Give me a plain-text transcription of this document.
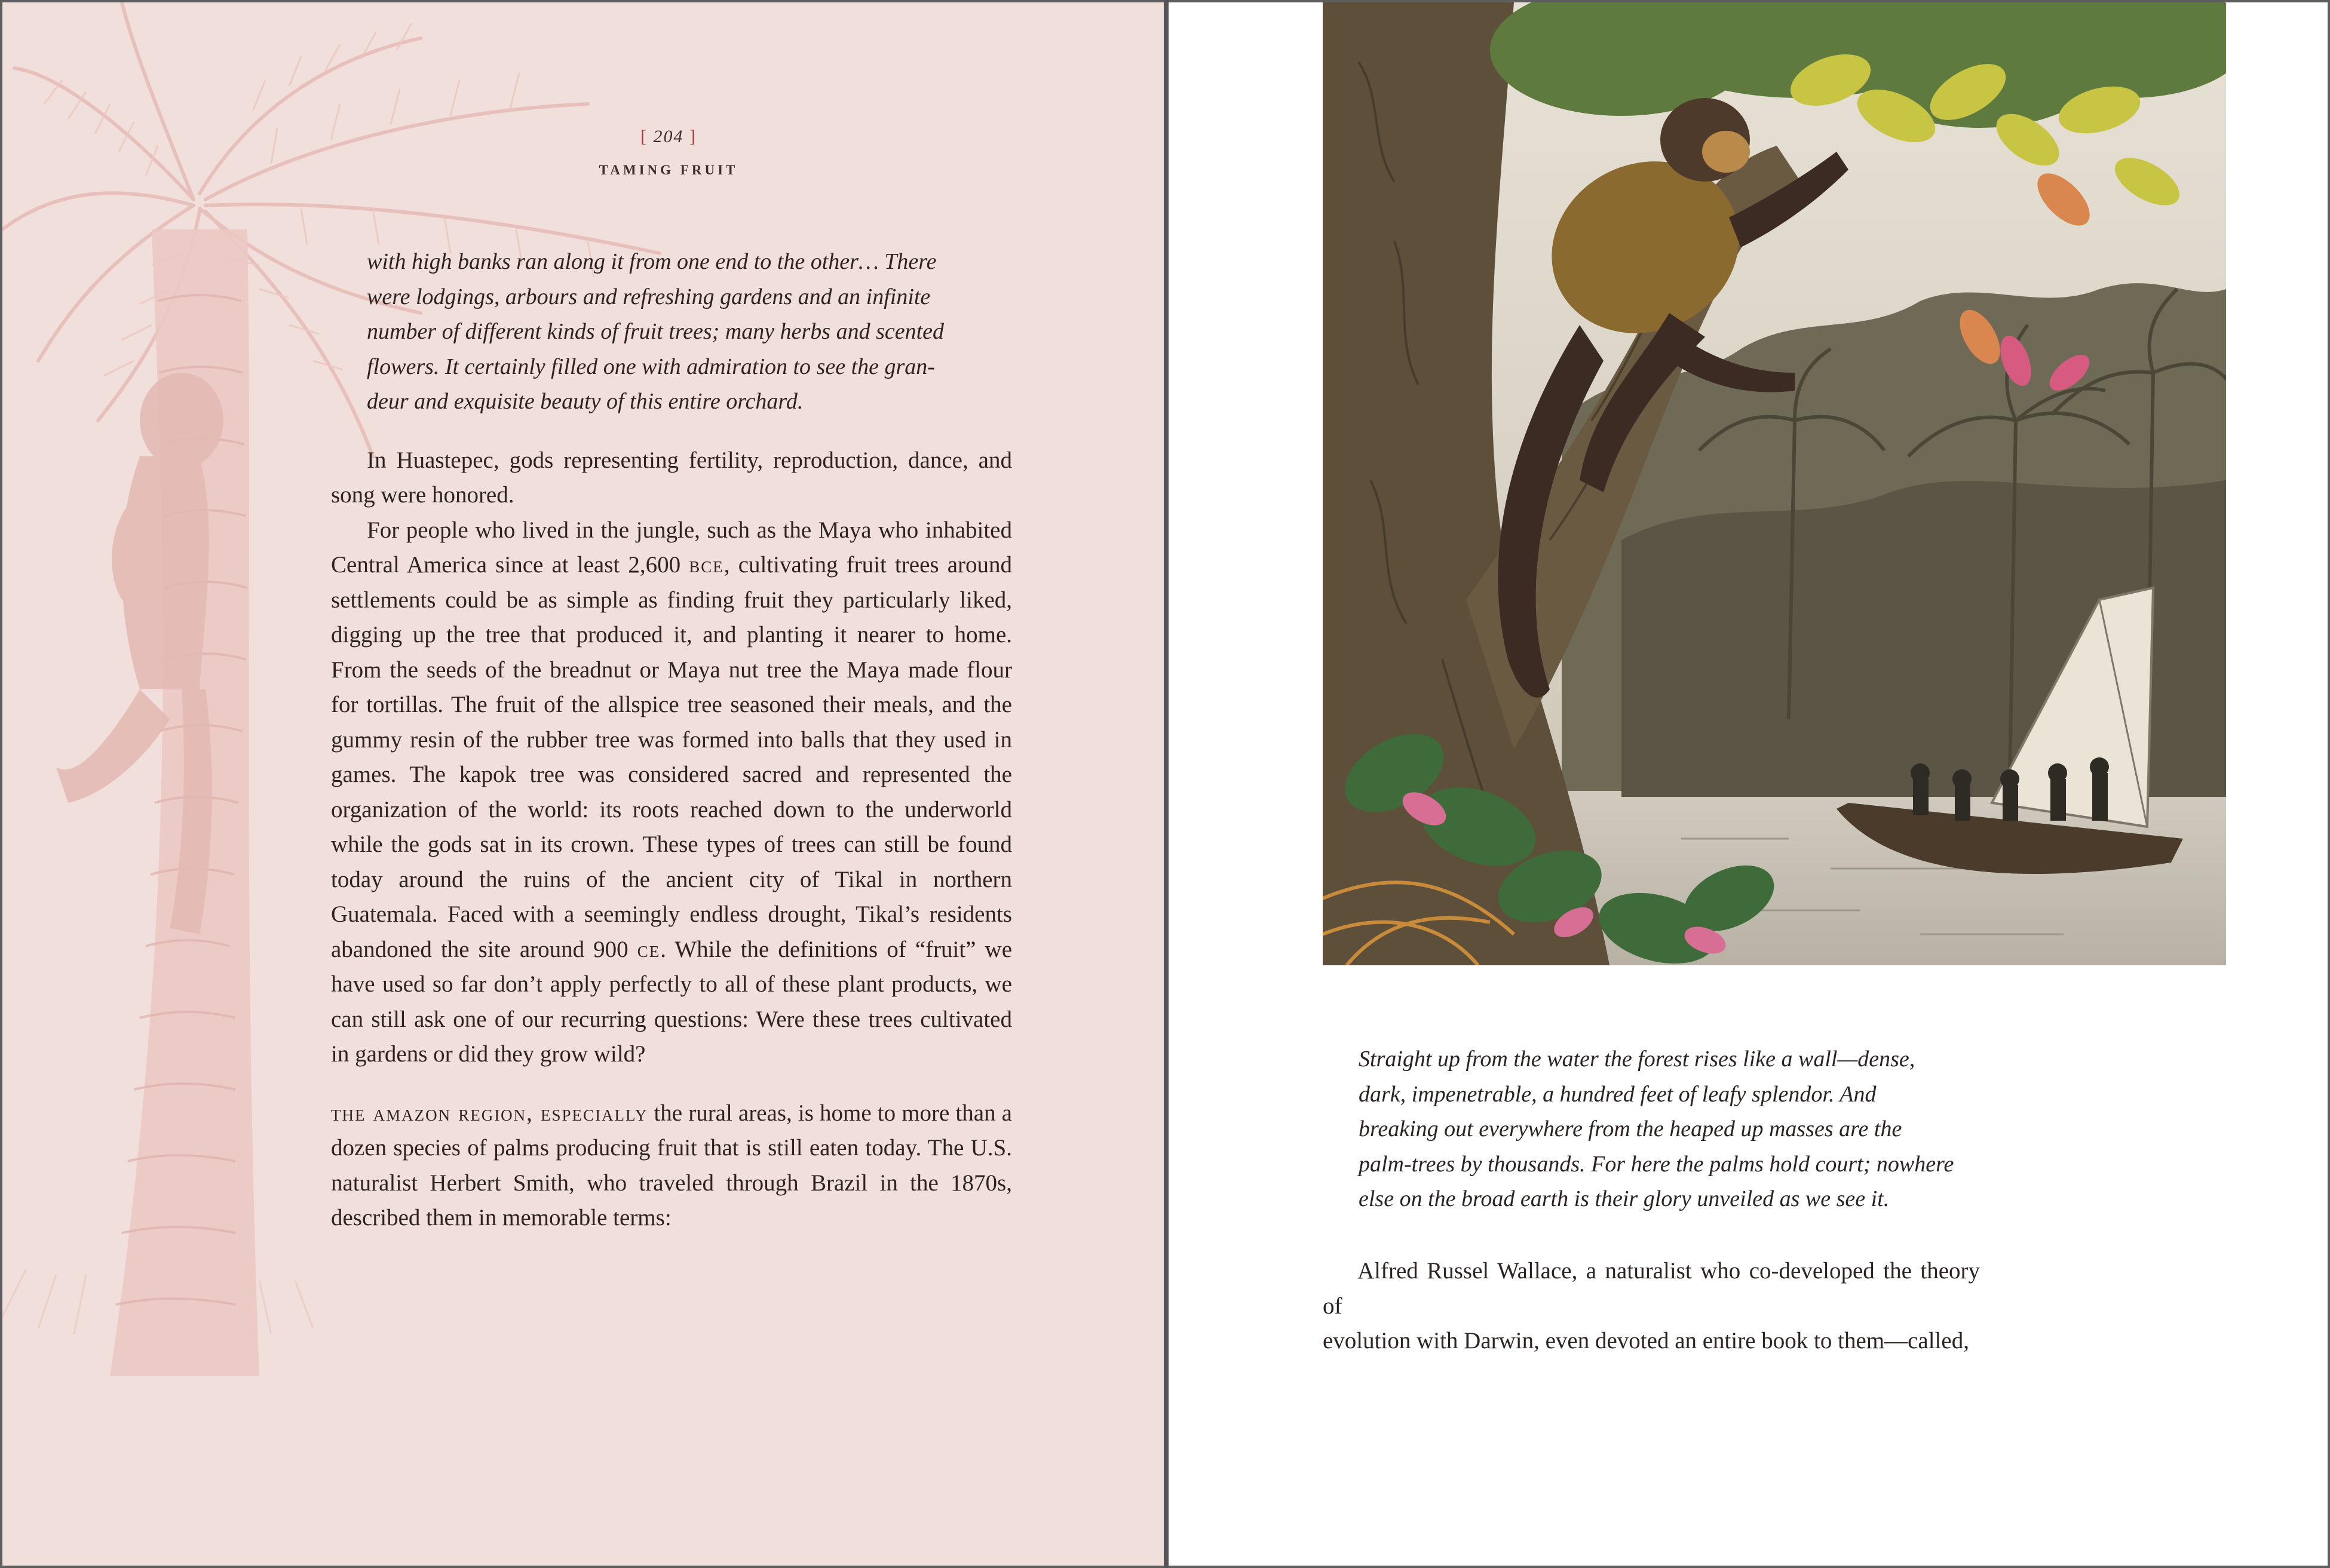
[ 204 ]
TAMING FRUIT
with high banks ran along it from one end to the other… There
were lodgings, arbours and refreshing gardens and an infinite
number of different kinds of fruit trees; many herbs and scented
flowers. It certainly filled one with admiration to see the gran-
deur and exquisite beauty of this entire orchard.

In Huastepec, gods representing fertility, reproduction, dance, and song were honored.

For people who lived in the jungle, such as the Maya who inhabited Central America since at least 2,600 bce, cultivating fruit trees around settlements could be as simple as finding fruit they particularly liked, digging up the tree that produced it, and planting it nearer to home. From the seeds of the breadnut or Maya nut tree the Maya made flour for tortillas. The fruit of the allspice tree seasoned their meals, and the gummy resin of the rubber tree was formed into balls that they used in games. The kapok tree was considered sacred and represented the organization of the world: its roots reached down to the underworld while the gods sat in its crown. These types of trees can still be found today around the ruins of the ancient city of Tikal in northern Guatemala. Faced with a seemingly endless drought, Tikal’s residents abandoned the site around 900 ce. While the definitions of “fruit” we have used so far don’t apply perfectly to all of these plant products, we can still ask one of our recurring questions: Were these trees cultivated in gardens or did they grow wild?

the amazon region, especially the rural areas, is home to more than a dozen species of palms producing fruit that is still eaten today. The U.S. naturalist Herbert Smith, who traveled through Brazil in the 1870s, described them in memorable terms:

Straight up from the water the forest rises like a wall—dense,
dark, impenetrable, a hundred feet of leafy splendor. And
breaking out everywhere from the heaped up masses are the
palm-trees by thousands. For here the palms hold court; nowhere
else on the broad earth is their glory unveiled as we see it.
Alfred Russel Wallace, a naturalist who co-developed the theory of
evolution with Darwin, even devoted an entire book to them—called,
